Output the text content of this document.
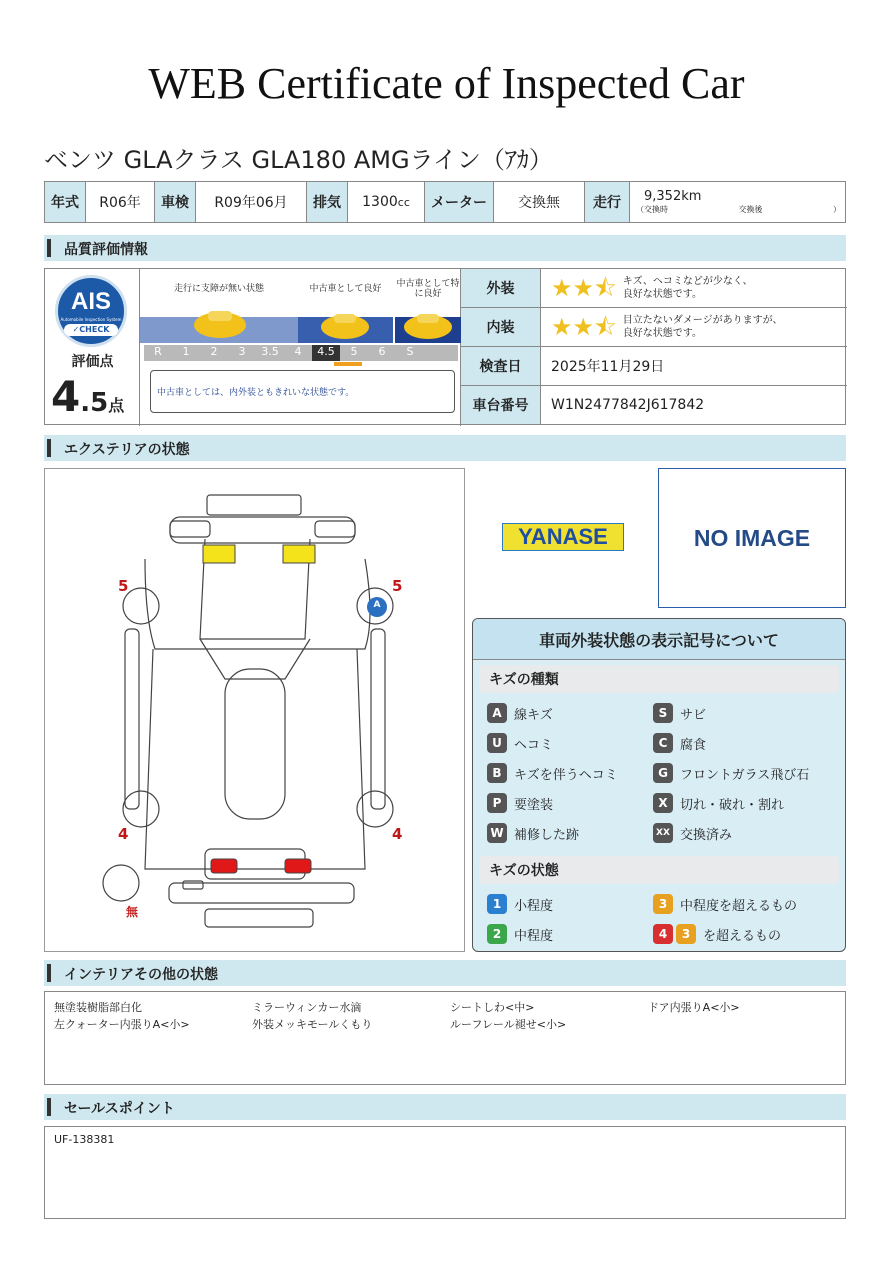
WEB Certificate of Inspected Car
ベンツ GLAクラス GLA180 AMGライン（ｱｶ）
年式	R06年	車検	R09年06月	排気	1300 cc	メーター	交換無	走行	9,352km
（交換時	交換後	）
品質評価情報
AIS
Automobile Inspection System
✓CHECK
評価点
4.5点
走行に支障が無い状態	中古車として良好	中古車として特に良好
R	1	2	3	3.5	4	4.5	5	6	S
中古車としては、内外装ともきれいな状態です。
外装	★★⯪ キズ、ヘコミなどが少なく、
良好な状態です。
内装	★★⯪ 目立たないダメージがありますが、
良好な状態です。
検査日	2025年11月29日
車台番号	W1N2477842J617842
エクステリアの状態
A
5	5
4	4
無
YANASE	NO IMAGE
車両外装状態の表示記号について
キズの種類
A 線キズ	S サビ
U ヘコミ	C 腐食
B キズを伴うヘコミ	G フロントガラス飛び石
P 要塗装	X 切れ・破れ・割れ
W 補修した跡	XX 交換済み
キズの状態
1 小程度	3 中程度を超えるもの
2 中程度	4	3 を超えるもの
インテリアその他の状態
無塗装樹脂部白化	ミラーウィンカー水滴	シートしわ<中>	ドア内張りA<小>
左クォーター内張りA<小>	外装メッキモールくもり	ルーフレール褪せ<小>
セールスポイント
UF-138381
